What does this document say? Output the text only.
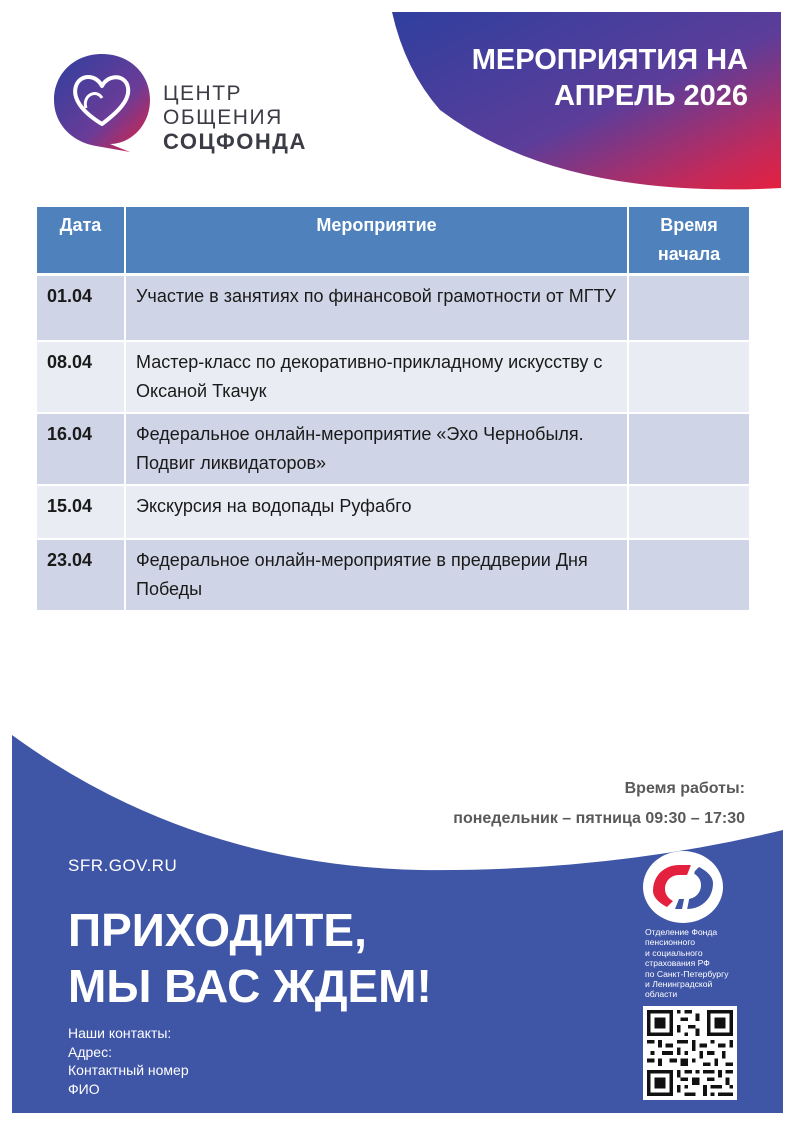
МЕРОПРИЯТИЯ НА
АПРЕЛЬ 2026
ЦЕНТР
ОБЩЕНИЯ
СОЦФОНДА
Дата	Мероприятие	Время начала
01.04	Участие в занятиях по финансовой грамотности от МГТУ	
08.04	Мастер-класс по декоративно-прикладному искусству с Оксаной Ткачук	
16.04	Федеральное онлайн-мероприятие «Эхо Чернобыля. Подвиг ликвидаторов»	
15.04	Экскурсия на водопады Руфабго	
23.04	Федеральное онлайн-мероприятие в преддверии Дня Победы	
Время работы:
понедельник – пятница 09:30 – 17:30
SFR.GOV.RU
ПРИХОДИТЕ,
МЫ ВАС ЖДЕМ!
Наши контакты:
Адрес:
Контактный номер
ФИО
Отделение Фонда
пенсионного
и социального
страхования РФ
по Санкт-Петербургу
и Ленинградской
области
